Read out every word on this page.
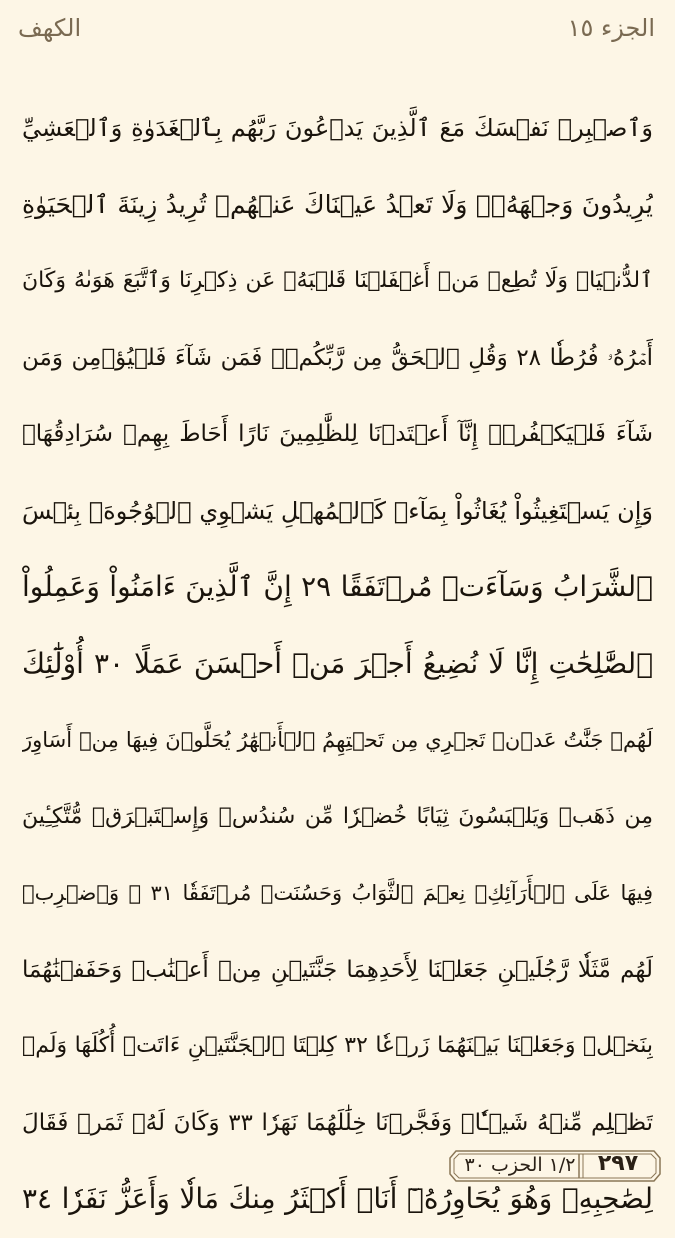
الجزء ١٥
الكهف
وَٱصۡبِرۡ نَفۡسَكَ مَعَ ٱلَّذِينَ يَدۡعُونَ رَبَّهُم بِٱلۡغَدَوٰةِ وَٱلۡعَشِيِّ
يُرِيدُونَ وَجۡهَهُۥۖ وَلَا تَعۡدُ عَيۡنَاكَ عَنۡهُمۡ تُرِيدُ زِينَةَ ٱلۡحَيَوٰةِ
ٱلدُّنۡيَاۖ وَلَا تُطِعۡ مَنۡ أَغۡفَلۡنَا قَلۡبَهُۥ عَن ذِكۡرِنَا وَٱتَّبَعَ هَوَىٰهُ وَكَانَ
أَمۡرُهُۥ فُرُطٗا ٢٨ وَقُلِ ٱلۡحَقُّ مِن رَّبِّكُمۡۖ فَمَن شَآءَ فَلۡيُؤۡمِن وَمَن
شَآءَ فَلۡيَكۡفُرۡۚ إِنَّآ أَعۡتَدۡنَا لِلظَّٰلِمِينَ نَارًا أَحَاطَ بِهِمۡ سُرَادِقُهَاۚ
وَإِن يَسۡتَغِيثُواْ يُغَاثُواْ بِمَآءٖ كَٱلۡمُهۡلِ يَشۡوِي ٱلۡوُجُوهَۚ بِئۡسَ
ٱلشَّرَابُ وَسَآءَتۡ مُرۡتَفَقًا ٢٩ إِنَّ ٱلَّذِينَ ءَامَنُواْ وَعَمِلُواْ
ٱلصَّٰلِحَٰتِ إِنَّا لَا نُضِيعُ أَجۡرَ مَنۡ أَحۡسَنَ عَمَلًا ٣٠ أُوْلَٰٓئِكَ
لَهُمۡ جَنَّٰتُ عَدۡنٖ تَجۡرِي مِن تَحۡتِهِمُ ٱلۡأَنۡهَٰرُ يُحَلَّوۡنَ فِيهَا مِنۡ أَسَاوِرَ
مِن ذَهَبٖ وَيَلۡبَسُونَ ثِيَابًا خُضۡرٗا مِّن سُندُسٖ وَإِسۡتَبۡرَقٖ مُّتَّكِـِٔينَ
فِيهَا عَلَى ٱلۡأَرَآئِكِۚ نِعۡمَ ٱلثَّوَابُ وَحَسُنَتۡ مُرۡتَفَقٗا ٣١ ۞ وَٱضۡرِبۡ
لَهُم مَّثَلٗا رَّجُلَيۡنِ جَعَلۡنَا لِأَحَدِهِمَا جَنَّتَيۡنِ مِنۡ أَعۡنَٰبٖ وَحَفَفۡنَٰهُمَا
بِنَخۡلٖ وَجَعَلۡنَا بَيۡنَهُمَا زَرۡعٗا ٣٢ كِلۡتَا ٱلۡجَنَّتَيۡنِ ءَاتَتۡ أُكُلَهَا وَلَمۡ
تَظۡلِم مِّنۡهُ شَيۡـٔٗاۚ وَفَجَّرۡنَا خِلَٰلَهُمَا نَهَرٗا ٣٣ وَكَانَ لَهُۥ ثَمَرٞ فَقَالَ
لِصَٰحِبِهِۦ وَهُوَ يُحَاوِرُهُۥٓ أَنَا۠ أَكۡثَرُ مِنكَ مَالٗا وَأَعَزُّ نَفَرٗا ٣٤
٢٩٧
١/٢ الحزب ٣٠
